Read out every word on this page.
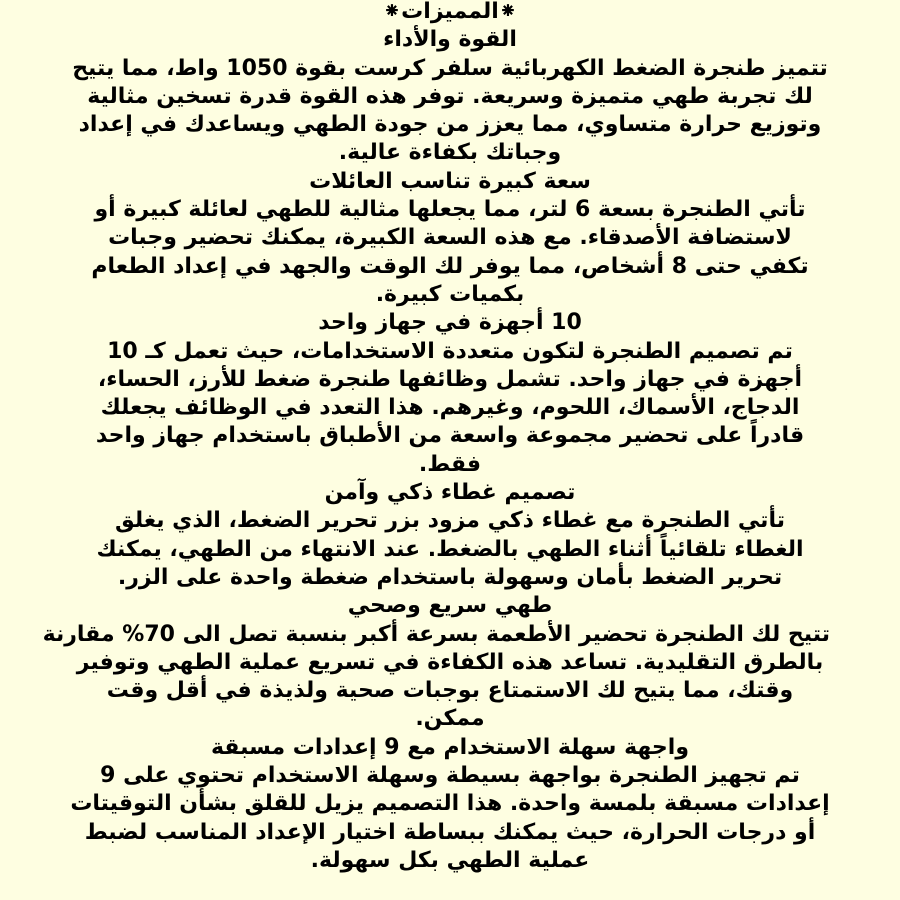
⁕المميزات⁕
القوة والأداء
تتميز طنجرة الضغط الكهربائية سلفر كرست بقوة 1050 واط، مما يتيح
لك تجربة طهي متميزة وسريعة. توفر هذه القوة قدرة تسخين مثالية
وتوزيع حرارة متساوي، مما يعزز من جودة الطهي ويساعدك في إعداد
وجباتك بكفاءة عالية.
سعة كبيرة تناسب العائلات
تأتي الطنجرة بسعة 6 لتر، مما يجعلها مثالية للطهي لعائلة كبيرة أو
لاستضافة الأصدقاء. مع هذه السعة الكبيرة، يمكنك تحضير وجبات
تكفي حتى 8 أشخاص، مما يوفر لك الوقت والجهد في إعداد الطعام
بكميات كبيرة.
10 أجهزة في جهاز واحد
تم تصميم الطنجرة لتكون متعددة الاستخدامات، حيث تعمل كـ 10
أجهزة في جهاز واحد. تشمل وظائفها طنجرة ضغط للأرز، الحساء،
الدجاج، الأسماك، اللحوم، وغيرهم. هذا التعدد في الوظائف يجعلك
قادراً على تحضير مجموعة واسعة من الأطباق باستخدام جهاز واحد
فقط.
تصميم غطاء ذكي وآمن
تأتي الطنجرة مع غطاء ذكي مزود بزر تحرير الضغط، الذي يغلق
الغطاء تلقائياً أثناء الطهي بالضغط. عند الانتهاء من الطهي، يمكنك
تحرير الضغط بأمان وسهولة باستخدام ضغطة واحدة على الزر.
طهي سريع وصحي
تتيح لك الطنجرة تحضير الأطعمة بسرعة أكبر بنسبة تصل الى 70% مقارنة
بالطرق التقليدية. تساعد هذه الكفاءة في تسريع عملية الطهي وتوفير
وقتك، مما يتيح لك الاستمتاع بوجبات صحية ولذيذة في أقل وقت
ممكن.
واجهة سهلة الاستخدام مع 9 إعدادات مسبقة
تم تجهيز الطنجرة بواجهة بسيطة وسهلة الاستخدام تحتوي على 9
إعدادات مسبقة بلمسة واحدة. هذا التصميم يزيل للقلق بشأن التوقيتات
أو درجات الحرارة، حيث يمكنك ببساطة اختيار الإعداد المناسب لضبط
عملية الطهي بكل سهولة.
